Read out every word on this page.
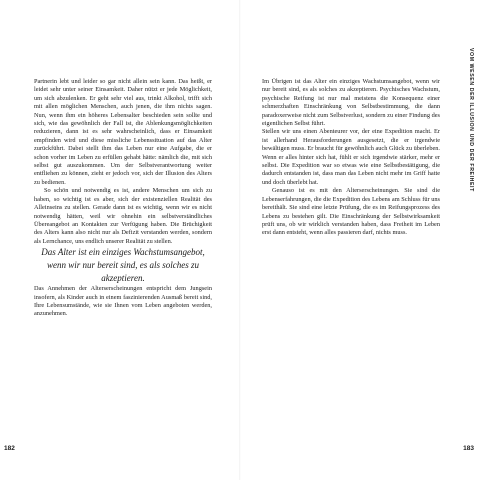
Partnerin lebt und leider so gar nicht allein sein kann. Das heißt, er leidet sehr unter seiner Einsamkeit. Daher nützt er jede Möglichkeit, um sich abzulenken. Er geht sehr viel aus, trinkt Alkohol, trifft sich mit allen möglichen Menschen, auch jenen, die ihm nichts sagen. Nun, wenn ihm ein höheres Lebensalter beschieden sein sollte und sich, wie das gewöhnlich der Fall ist, die Ablenkungsmöglichkeiten reduzieren, dann ist es sehr wahrscheinlich, dass er Einsamkeit empfinden wird und diese missliche Lebenssituation auf das Alter zurückführt. Dabei stellt ihm das Leben nur eine Aufgabe, die er schon vorher im Leben zu erfüllen gehabt hätte: nämlich die, mit sich selbst gut auszukommen. Um der Selbstverantwortung weiter entfliehen zu können, zieht er jedoch vor, sich der Illusion des Alters zu bedienen.

So schön und notwendig es ist, andere Menschen um sich zu haben, so wichtig ist es aber, sich der existenziellen Realität des Alleinseins zu stellen. Gerade dann ist es wichtig, wenn wir es nicht notwendig hätten, weil wir ohnehin ein selbstverständliches Übereangebot an Kontakten zur Verfügung haben. Die Brüchigkeit des Alters kann also nicht nur als Defizit verstanden werden, sondern als Lernchance, uns endlich unserer Realität zu stellen.

Das Alter ist ein einziges Wachstumsangebot, wenn wir nur bereit sind, es als solches zu akzeptieren.

Das Annehmen der Alterserscheinungen entspricht dem Jungsein insofern, als Kinder auch in einem faszinierenden Ausmaß bereit sind, Ihre Lebensumstände, wie sie Ihnen vom Leben angeboten werden, anzunehmen.

Im Übrigen ist das Alter ein einziges Wachstumsangebot, wenn wir nur bereit sind, es als solches zu akzeptieren. Psychisches Wachstum, psychische Reifung ist nur mal meistens die Konsequenz einer schmerzhaften Einschränkung von Selbstbestimmung, die dann paradoxerweise nicht zum Selbstverlust, sondern zu einer Findung des eigentlichen Selbst führt.

Stellen wir uns einen Abenteurer vor, der eine Expedition macht. Er ist allerhand Herausforderungen ausgesetzt, die er irgendwie bewältigen muss. Er braucht für gewöhnlich auch Glück zu überleben. Wenn er alles hinter sich hat, fühlt er sich irgendwie stärker, mehr er selbst. Die Expedition war so etwas wie eine Selbstbestätigung, die dadurch entstanden ist, dass man das Leben nicht mehr im Griff hatte und doch überlebt hat.

Genauso ist es mit den Alterserscheinungen. Sie sind die Lebenserfahrungen, die die Expedition des Lebens am Schluss für uns bereithält. Sie sind eine letzte Prüfung, die es im Reifungsprozess des Lebens zu bestehen gilt. Die Einschränkung der Selbstwirksamkeit prüft uns, ob wir wirklich verstanden haben, dass Freiheit im Leben erst dann entsteht, wenn alles passieren darf, nichts muss.

VOM WESEN DER ILLUSION UND DER FREIHEIT
182	183
